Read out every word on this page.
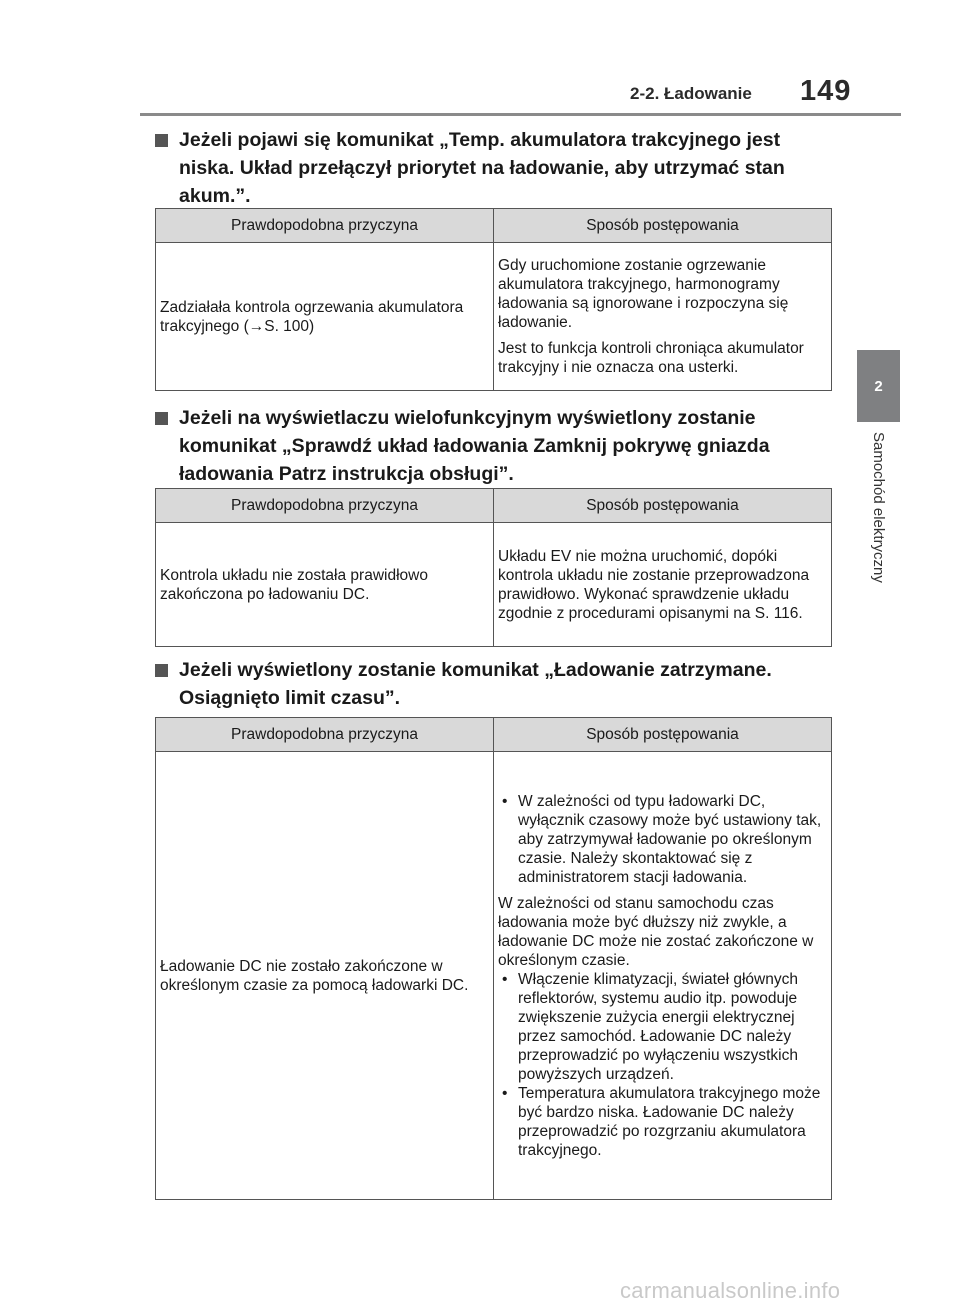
2-2. Ładowanie 149
2
Samochód elektryczny
Jeżeli pojawi się komunikat „Temp. akumulatora trakcyjnego jest niska. Układ przełączył priorytet na ładowanie, aby utrzymać stan akum.”.
Prawdopodobna przyczyna	Sposób postępowania
Zadziałała kontrola ogrzewania akumulatora trakcyjnego (→S. 100)	Gdy uruchomione zostanie ogrzewanie akumulatora trakcyjnego, harmonogramy ładowania są ignorowane i rozpoczyna się ładowanie.

Jest to funkcja kontroli chroniąca akumulator trakcyjny i nie oznacza ona usterki.

Jeżeli na wyświetlaczu wielofunkcyjnym wyświetlony zostanie komunikat „Sprawdź układ ładowania Zamknij pokrywę gniazda ładowania Patrz instrukcja obsługi”.
Prawdopodobna przyczyna	Sposób postępowania
Kontrola układu nie została prawidłowo zakończona po ładowaniu DC.	Układu EV nie można uruchomić, dopóki kontrola układu nie zostanie przeprowadzona prawidłowo. Wykonać sprawdzenie układu zgodnie z procedurami opisanymi na S. 116.

Jeżeli wyświetlony zostanie komunikat „Ładowanie zatrzymane. Osiągnięto limit czasu”.
Prawdopodobna przyczyna	Sposób postępowania
Ładowanie DC nie zostało zakończone w określonym czasie za pomocą ładowarki DC.	• W zależności od typu ładowarki DC, wyłącznik czasowy może być ustawiony tak, aby zatrzymywał ładowanie po określonym czasie. Należy skontaktować się z administratorem stacji ładowania.

W zależności od stanu samochodu czas ładowania może być dłuższy niż zwykle, a ładowanie DC może nie zostać zakończone w określonym czasie.

• Włączenie klimatyzacji, świateł głównych reflektorów, systemu audio itp. powoduje zwiększenie zużycia energii elektrycznej przez samochód. Ładowanie DC należy przeprowadzić po wyłączeniu wszystkich powyższych urządzeń.

• Temperatura akumulatora trakcyjnego może być bardzo niska. Ładowanie DC należy przeprowadzić po rozgrzaniu akumulatora trakcyjnego.

carmanualsonline.info
